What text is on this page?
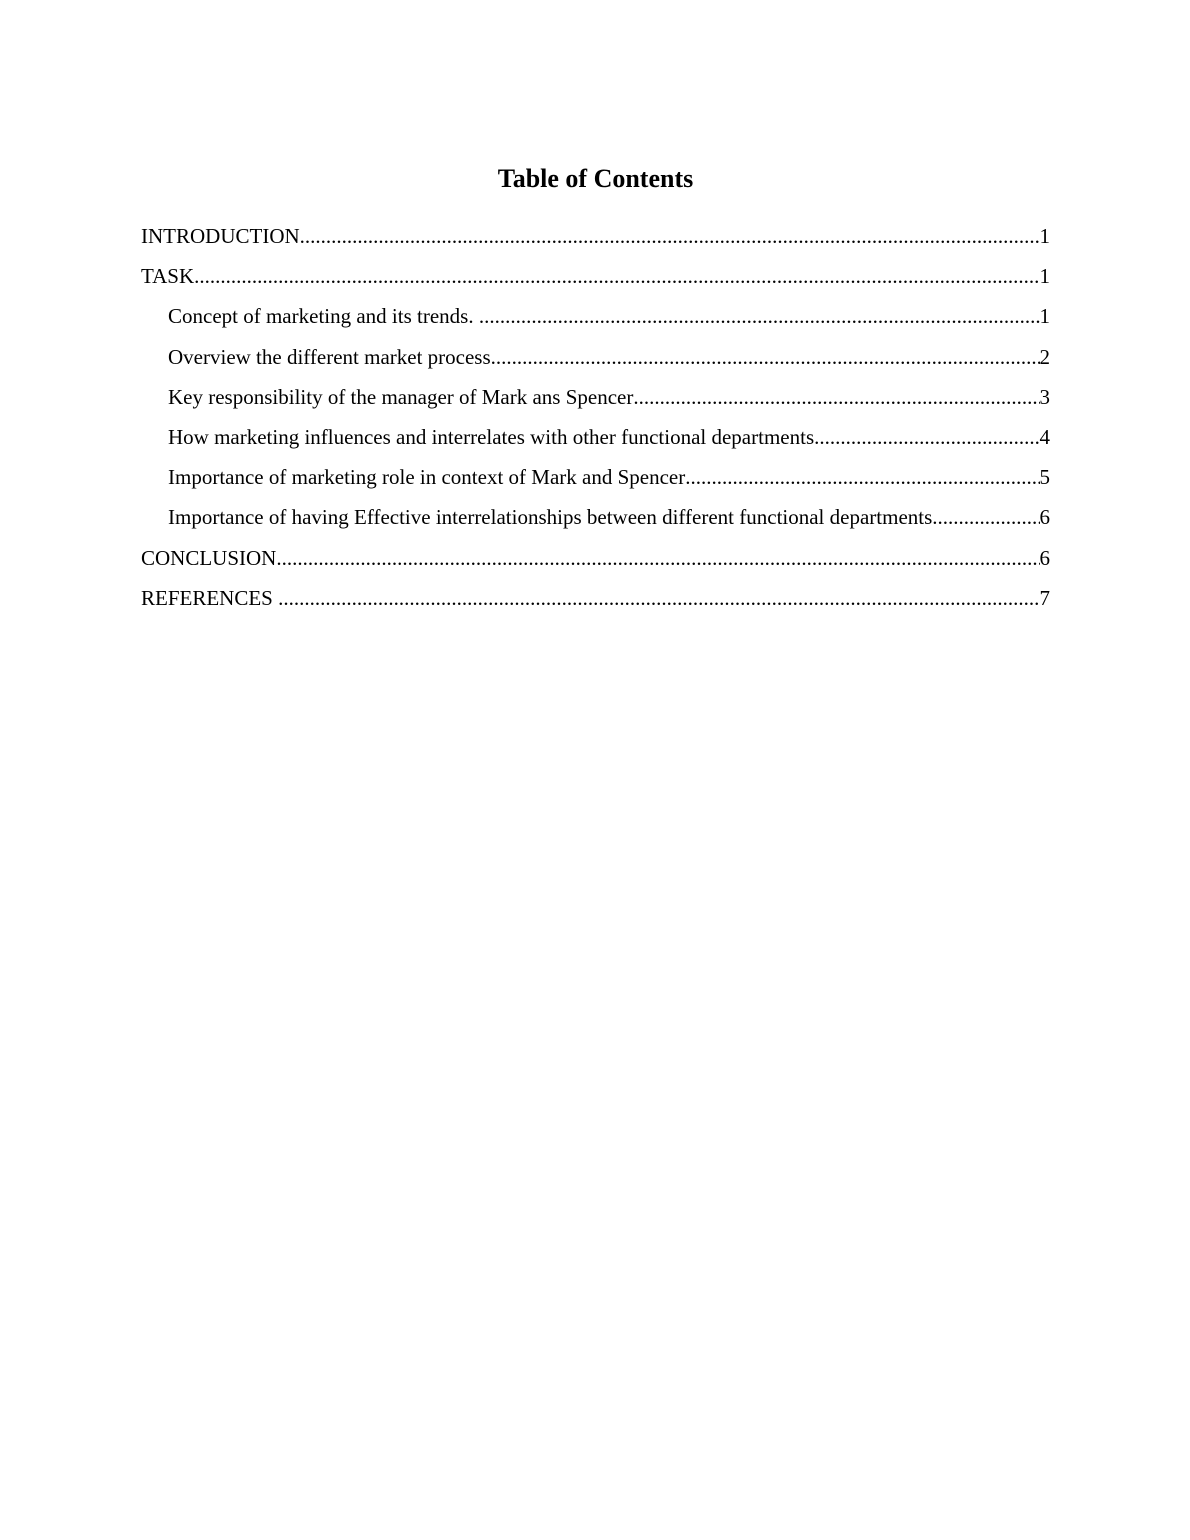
Table of Contents
INTRODUCTION .....	1
TASK .....	1
Concept of marketing and its trends. .....	1
Overview the different market process .....	2
Key responsibility of the manager of Mark ans Spencer .....	3
How marketing influences and interrelates with other functional departments .....	4
Importance of marketing role in context of Mark and Spencer .....	5
Importance of having Effective interrelationships between different functional departments .....	6
CONCLUSION .....	6
REFERENCES .....	7
